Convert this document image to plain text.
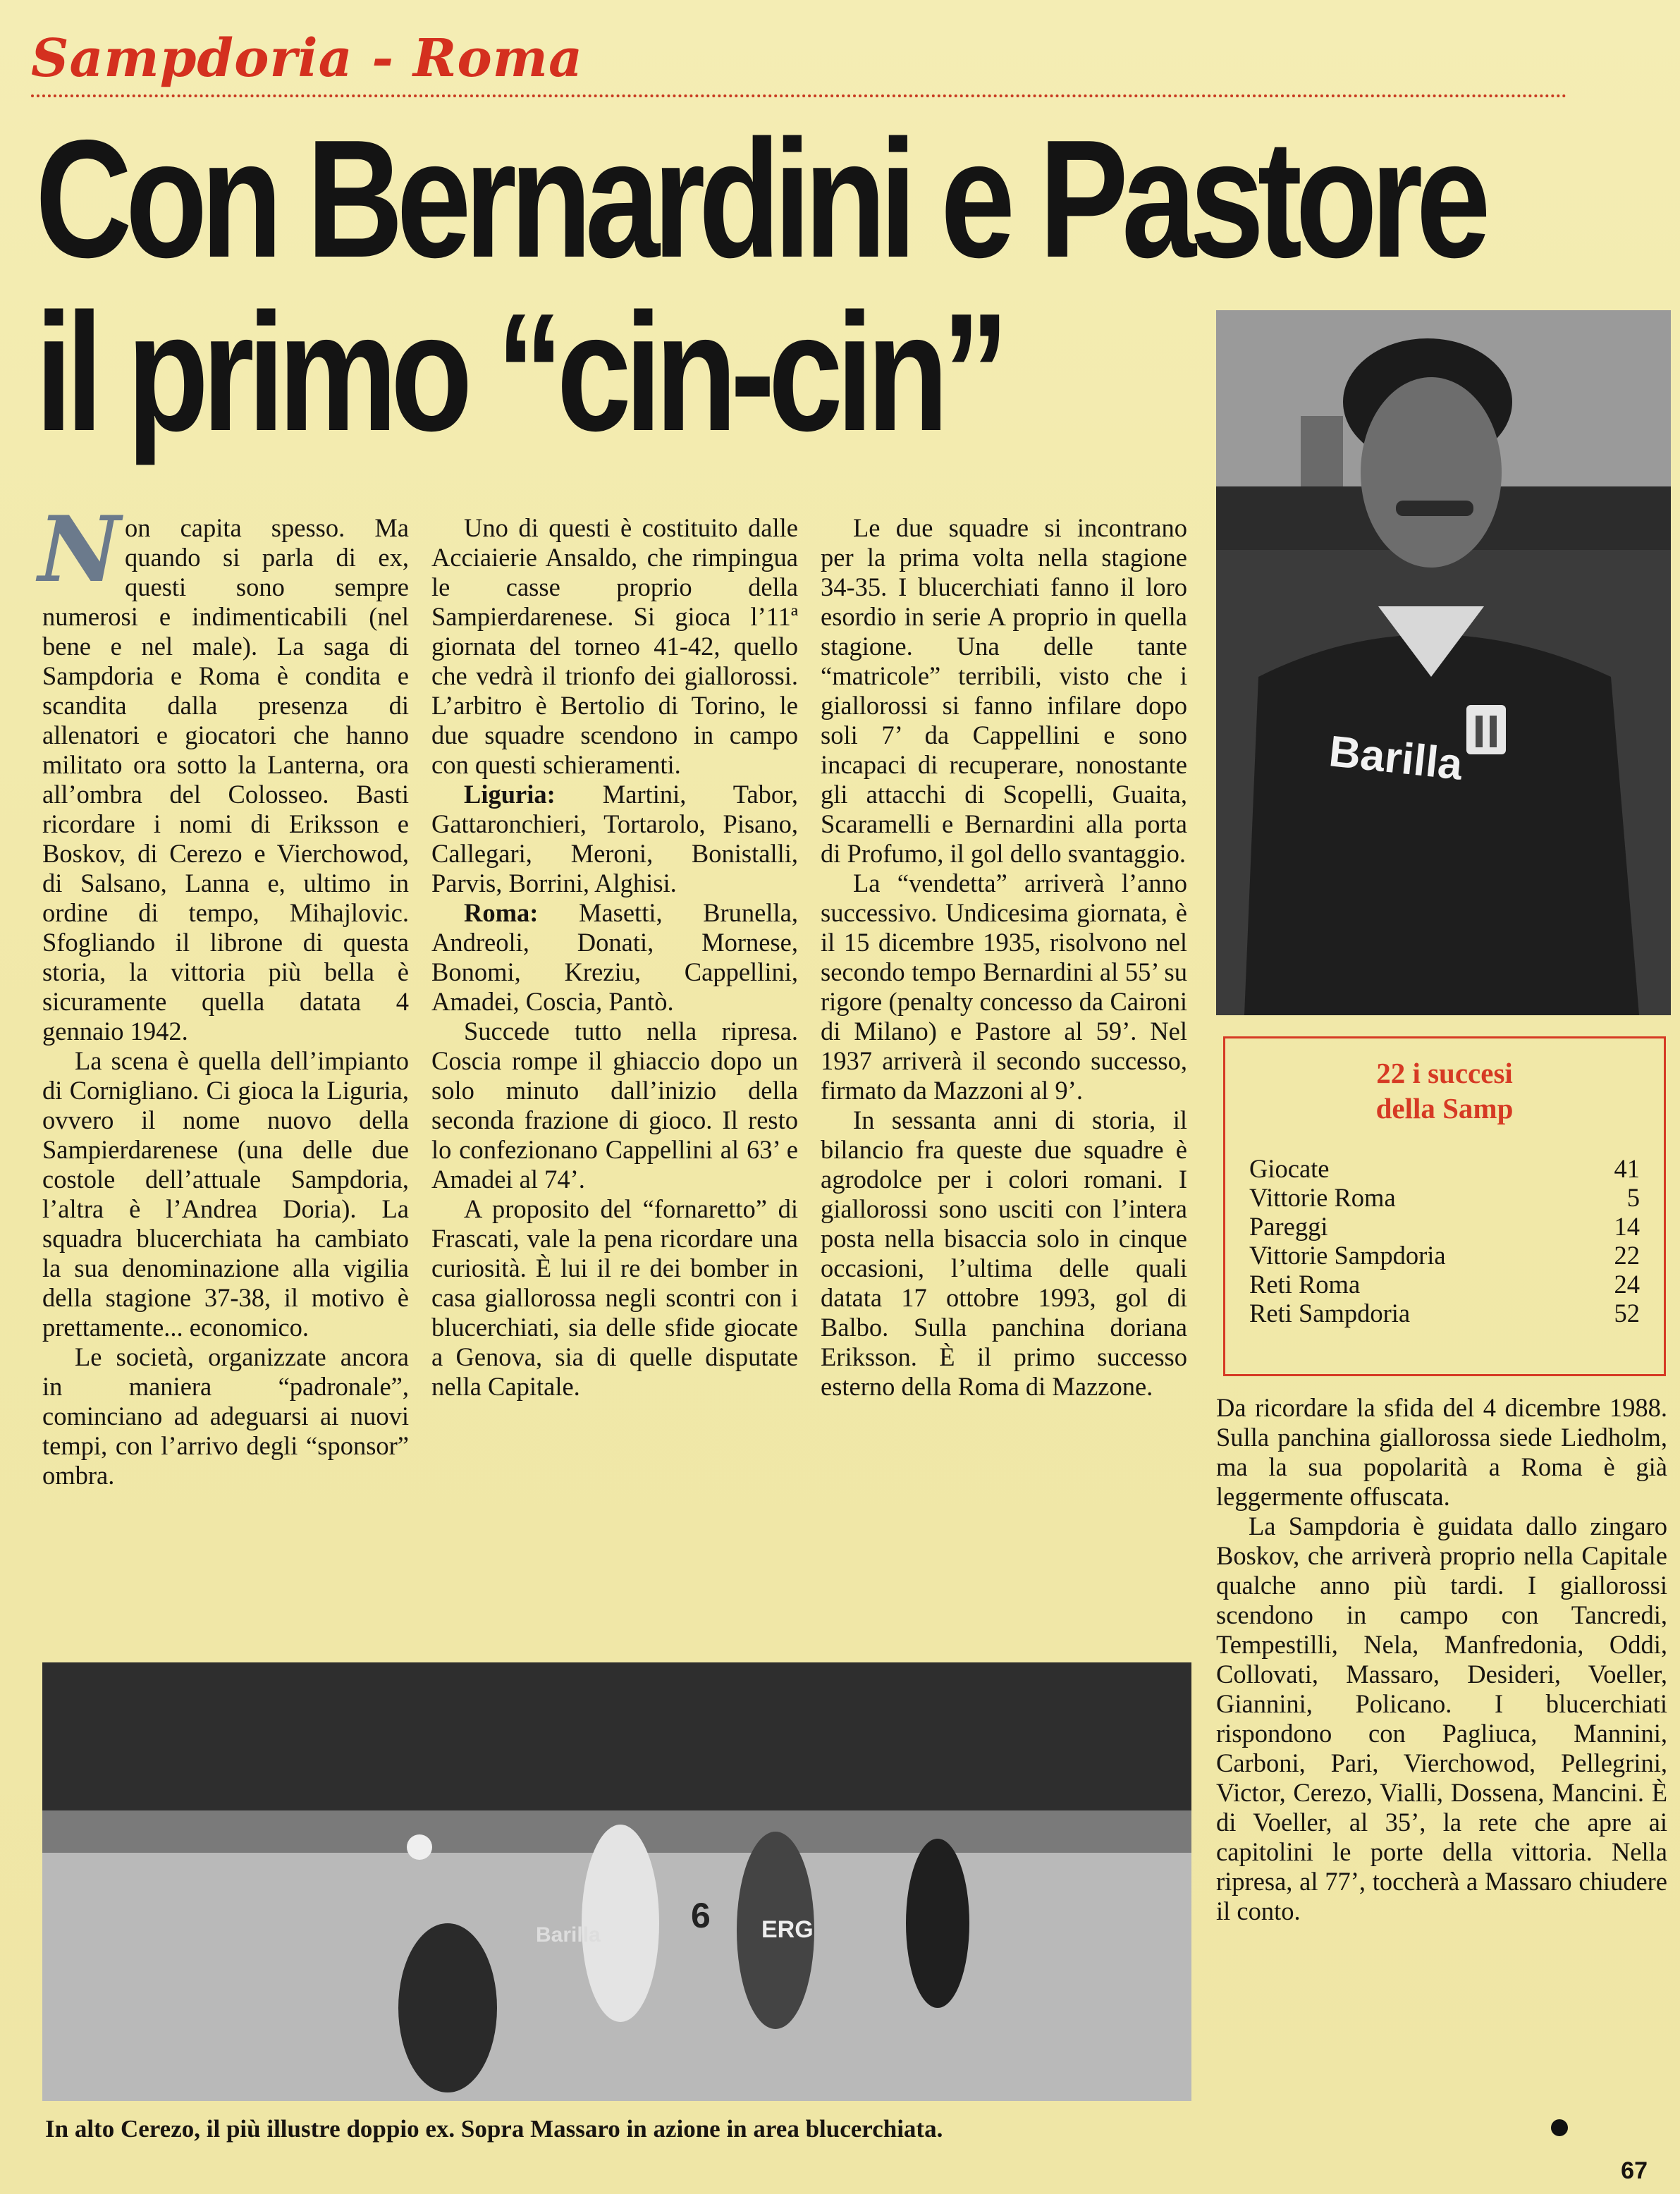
Sampdoria - Roma
Con Bernardini e Pastore
il primo “cin-cin”

Non capita spesso. Ma quando si parla di ex, questi sono sempre numerosi e indimenticabili (nel bene e nel male). La saga di Sampdoria e Roma è condita e scandita dalla presenza di allenatori e giocatori che hanno militato ora sotto la Lanterna, ora all’ombra del Colosseo. Basti ricordare i nomi di Eriksson e Boskov, di Cerezo e Vierchowod, di Salsano, Lanna e, ultimo in ordine di tempo, Mihajlovic. Sfogliando il librone di questa storia, la vittoria più bella è sicuramente quella datata 4 gennaio 1942.

La scena è quella dell’impianto di Cornigliano. Ci gioca la Liguria, ovvero il nome nuovo della Sampierdarenese (una delle due costole dell’attuale Sampdoria, l’altra è l’Andrea Doria). La squadra blucerchiata ha cambiato la sua denominazione alla vigilia della stagione 37-38, il motivo è prettamente... economico.

Le società, organizzate ancora in maniera “padronale”, cominciano ad adeguarsi ai nuovi tempi, con l’arrivo degli “sponsor” ombra.

Uno di questi è costituito dalle Acciaierie Ansaldo, che rimpingua le casse proprio della Sampierdarenese. Si gioca l’11ª giornata del torneo 41-42, quello che vedrà il trionfo dei giallorossi. L’arbitro è Bertolio di Torino, le due squadre scendono in campo con questi schieramenti.

Liguria: Martini, Tabor, Gattaronchieri, Tortarolo, Pisano, Callegari, Meroni, Bonistalli, Parvis, Borrini, Alghisi.

Roma: Masetti, Brunella, Andreoli, Donati, Mornese, Bonomi, Kreziu, Cappellini, Amadei, Coscia, Pantò.

Succede tutto nella ripresa. Coscia rompe il ghiaccio dopo un solo minuto dall’inizio della seconda frazione di gioco. Il resto lo confezionano Cappellini al 63’ e Amadei al 74’.

A proposito del “fornaretto” di Frascati, vale la pena ricordare una curiosità. È lui il re dei bomber in casa giallorossa negli scontri con i blucerchiati, sia delle sfide giocate a Genova, sia di quelle disputate nella Capitale.

Le due squadre si incontrano per la prima volta nella stagione 34-35. I blucerchiati fanno il loro esordio in serie A proprio in quella stagione. Una delle tante “matricole” terribili, visto che i giallorossi si fanno infilare dopo soli 7’ da Cappellini e sono incapaci di recuperare, nonostante gli attacchi di Scopelli, Guaita, Scaramelli e Bernardini alla porta di Profumo, il gol dello svantaggio.

La “vendetta” arriverà l’anno successivo. Undicesima giornata, è il 15 dicembre 1935, risolvono nel secondo tempo Bernardini al 55’ su rigore (penalty concesso da Caironi di Milano) e Pastore al 59’. Nel 1937 arriverà il secondo successo, firmato da Mazzoni al 9’.

In sessanta anni di storia, il bilancio fra queste due squadre è agrodolce per i colori romani. I giallorossi sono usciti con l’intera posta nella bisaccia solo in cinque occasioni, l’ultima delle quali datata 17 ottobre 1993, gol di Balbo. Sulla panchina doriana Eriksson. È il primo successo esterno della Roma di Mazzone.

Barilla
22 i succesi
della Samp
Giocate	41
Vittorie Roma	5
Pareggi	14
Vittorie Sampdoria	22
Reti Roma	24
Reti Sampdoria	52

Da ricordare la sfida del 4 dicembre 1988. Sulla panchina giallorossa siede Liedholm, ma la sua popolarità a Roma è già leggermente offuscata.

La Sampdoria è guidata dallo zingaro Boskov, che arriverà proprio nella Capitale qualche anno più tardi. I giallorossi scendono in campo con Tancredi, Tempestilli, Nela, Manfredonia, Oddi, Collovati, Massaro, Desideri, Voeller, Giannini, Policano. I blucerchiati rispondono con Pagliuca, Mannini, Carboni, Pari, Vierchowod, Pellegrini, Victor, Cerezo, Vialli, Dossena, Mancini. È di Voeller, al 35’, la rete che apre ai capitolini le porte della vittoria. Nella ripresa, al 77’, toccherà a Massaro chiudere il conto.

Barilla	ERG
6
In alto Cerezo, il più illustre doppio ex. Sopra Massaro in azione in area blucerchiata.
67
